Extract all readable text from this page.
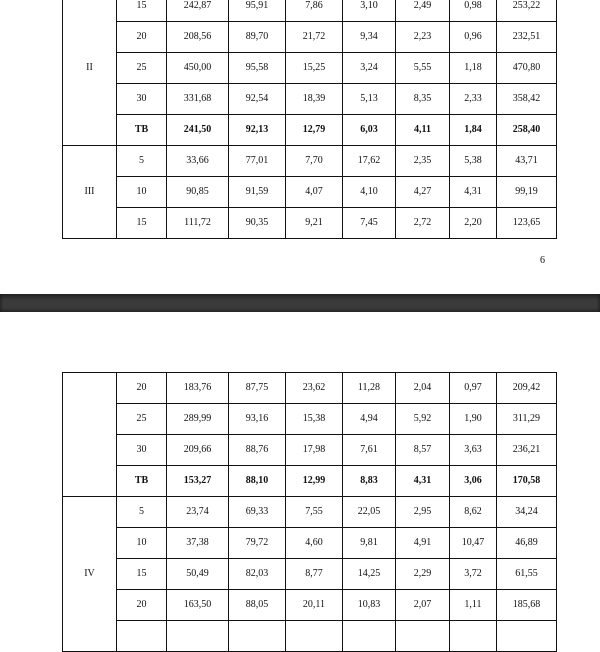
II	15	242,87	95,91	7,86	3,10	2,49	0,98	253,22
	20	208,56	89,70	21,72	9,34	2,23	0,96	232,51
	25	450,00	95,58	15,25	3,24	5,55	1,18	470,80
	30	331,68	92,54	18,39	5,13	8,35	2,33	358,42
	TB	241,50	92,13	12,79	6,03	4,11	1,84	258,40
III	5	33,66	77,01	7,70	17,62	2,35	5,38	43,71
	10	90,85	91,59	4,07	4,10	4,27	4,31	99,19
	15	111,72	90,35	9,21	7,45	2,72	2,20	123,65
6
	20	183,76	87,75	23,62	11,28	2,04	0,97	209,42
	25	289,99	93,16	15,38	4,94	5,92	1,90	311,29
	30	209,66	88,76	17,98	7,61	8,57	3,63	236,21
	TB	153,27	88,10	12,99	8,83	4,31	3,06	170,58
IV	5	23,74	69,33	7,55	22,05	2,95	8,62	34,24
	10	37,38	79,72	4,60	9,81	4,91	10,47	46,89
	15	50,49	82,03	8,77	14,25	2,29	3,72	61,55
	20	163,50	88,05	20,11	10,83	2,07	1,11	185,68
